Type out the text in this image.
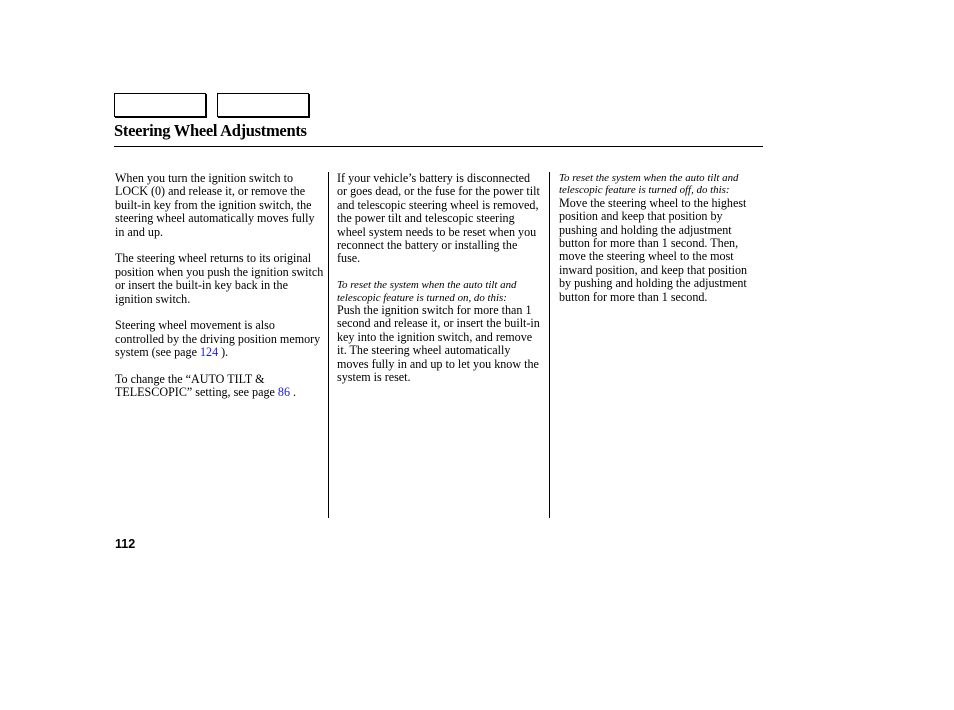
Steering Wheel Adjustments

When you turn the ignition switch to LOCK (0) and release it, or remove the built-in key from the ignition switch, the steering wheel automatically moves fully in and up.

The steering wheel returns to its original position when you push the ignition switch or insert the built-in key back in the ignition switch.

Steering wheel movement is also controlled by the driving position memory system (see page 124 ).

To change the “AUTO TILT & TELESCOPIC” setting, see page 86 .

If your vehicle’s battery is disconnected or goes dead, or the fuse for the power tilt and telescopic steering wheel is removed, the power tilt and telescopic steering wheel system needs to be reset when you reconnect the battery or installing the fuse.

To reset the system when the auto tilt and telescopic feature is turned on, do this:

Push the ignition switch for more than 1 second and release it, or insert the built-in key into the ignition switch, and remove it. The steering wheel automatically moves fully in and up to let you know the system is reset.

To reset the system when the auto tilt and telescopic feature is turned off, do this:

Move the steering wheel to the highest position and keep that position by pushing and holding the adjustment button for more than 1 second. Then, move the steering wheel to the most inward position, and keep that position by pushing and holding the adjustment button for more than 1 second.

112
